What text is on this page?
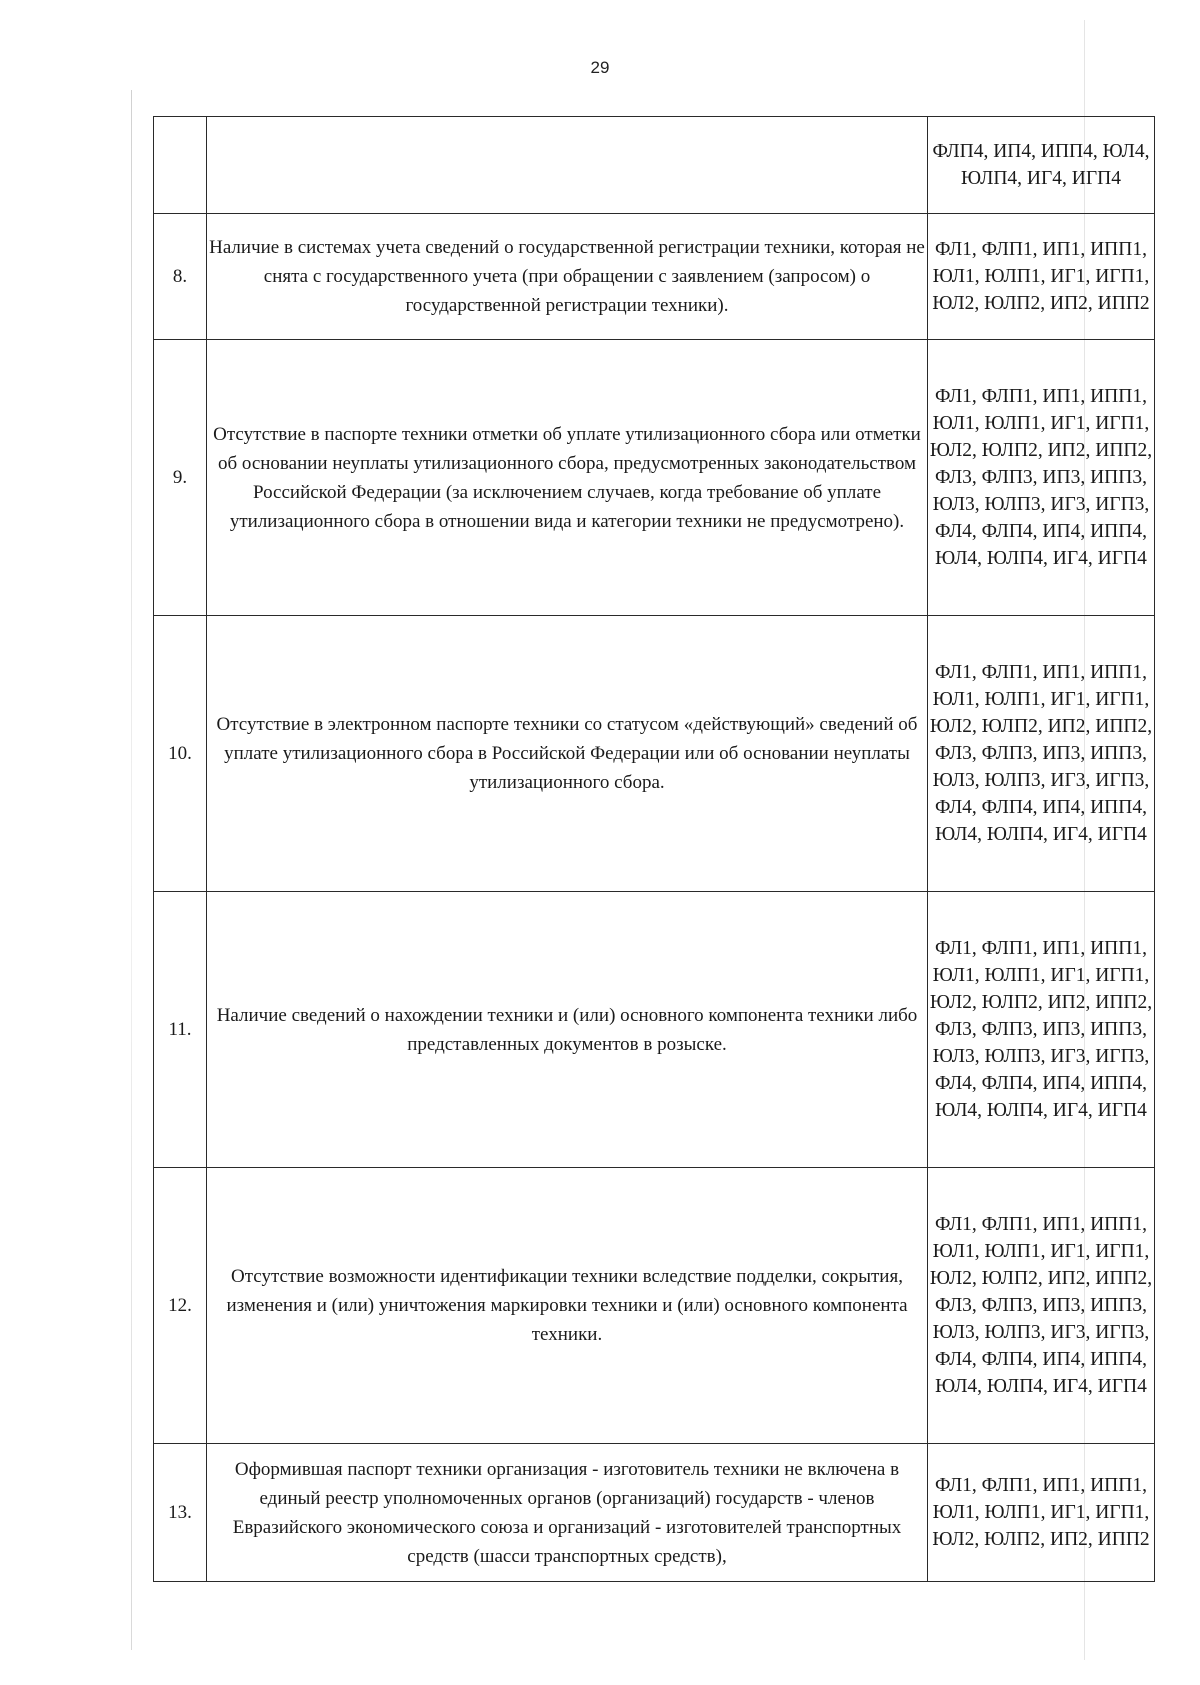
29
		ФЛП4, ИП4, ИПП4, ЮЛ4, ЮЛП4, ИГ4, ИГП4
8.	Наличие в системах учета сведений о государственной регистрации техники, которая не снята с государственного учета (при обращении с заявлением (запросом) о государственной регистрации техники).	ФЛ1, ФЛП1, ИП1, ИПП1, ЮЛ1, ЮЛП1, ИГ1, ИГП1, ЮЛ2, ЮЛП2, ИП2, ИПП2
9.	Отсутствие в паспорте техники отметки об уплате утилизационного сбора или отметки об основании неуплаты утилизационного сбора, предусмотренных законодательством Российской Федерации (за исключением случаев, когда требование об уплате утилизационного сбора в отношении вида и категории техники не предусмотрено).	ФЛ1, ФЛП1, ИП1, ИПП1, ЮЛ1, ЮЛП1, ИГ1, ИГП1, ЮЛ2, ЮЛП2, ИП2, ИПП2, ФЛ3, ФЛП3, ИП3, ИПП3, ЮЛ3, ЮЛП3, ИГ3, ИГП3, ФЛ4, ФЛП4, ИП4, ИПП4, ЮЛ4, ЮЛП4, ИГ4, ИГП4
10.	Отсутствие в электронном паспорте техники со статусом «действующий» сведений об уплате утилизационного сбора в Российской Федерации или об основании неуплаты утилизационного сбора.	ФЛ1, ФЛП1, ИП1, ИПП1, ЮЛ1, ЮЛП1, ИГ1, ИГП1, ЮЛ2, ЮЛП2, ИП2, ИПП2, ФЛ3, ФЛП3, ИП3, ИПП3, ЮЛ3, ЮЛП3, ИГ3, ИГП3, ФЛ4, ФЛП4, ИП4, ИПП4, ЮЛ4, ЮЛП4, ИГ4, ИГП4
11.	Наличие сведений о нахождении техники и (или) основного компонента техники либо представленных документов в розыске.	ФЛ1, ФЛП1, ИП1, ИПП1, ЮЛ1, ЮЛП1, ИГ1, ИГП1, ЮЛ2, ЮЛП2, ИП2, ИПП2, ФЛ3, ФЛП3, ИП3, ИПП3, ЮЛ3, ЮЛП3, ИГ3, ИГП3, ФЛ4, ФЛП4, ИП4, ИПП4, ЮЛ4, ЮЛП4, ИГ4, ИГП4
12.	Отсутствие возможности идентификации техники вследствие подделки, сокрытия, изменения и (или) уничтожения маркировки техники и (или) основного компонента техники.	ФЛ1, ФЛП1, ИП1, ИПП1, ЮЛ1, ЮЛП1, ИГ1, ИГП1, ЮЛ2, ЮЛП2, ИП2, ИПП2, ФЛ3, ФЛП3, ИП3, ИПП3, ЮЛ3, ЮЛП3, ИГ3, ИГП3, ФЛ4, ФЛП4, ИП4, ИПП4, ЮЛ4, ЮЛП4, ИГ4, ИГП4
13.	Оформившая паспорт техники организация - изготовитель техники не включена в единый реестр уполномоченных органов (организаций) государств - членов Евразийского экономического союза и организаций - изготовителей транспортных средств (шасси транспортных средств),	ФЛ1, ФЛП1, ИП1, ИПП1, ЮЛ1, ЮЛП1, ИГ1, ИГП1, ЮЛ2, ЮЛП2, ИП2, ИПП2
